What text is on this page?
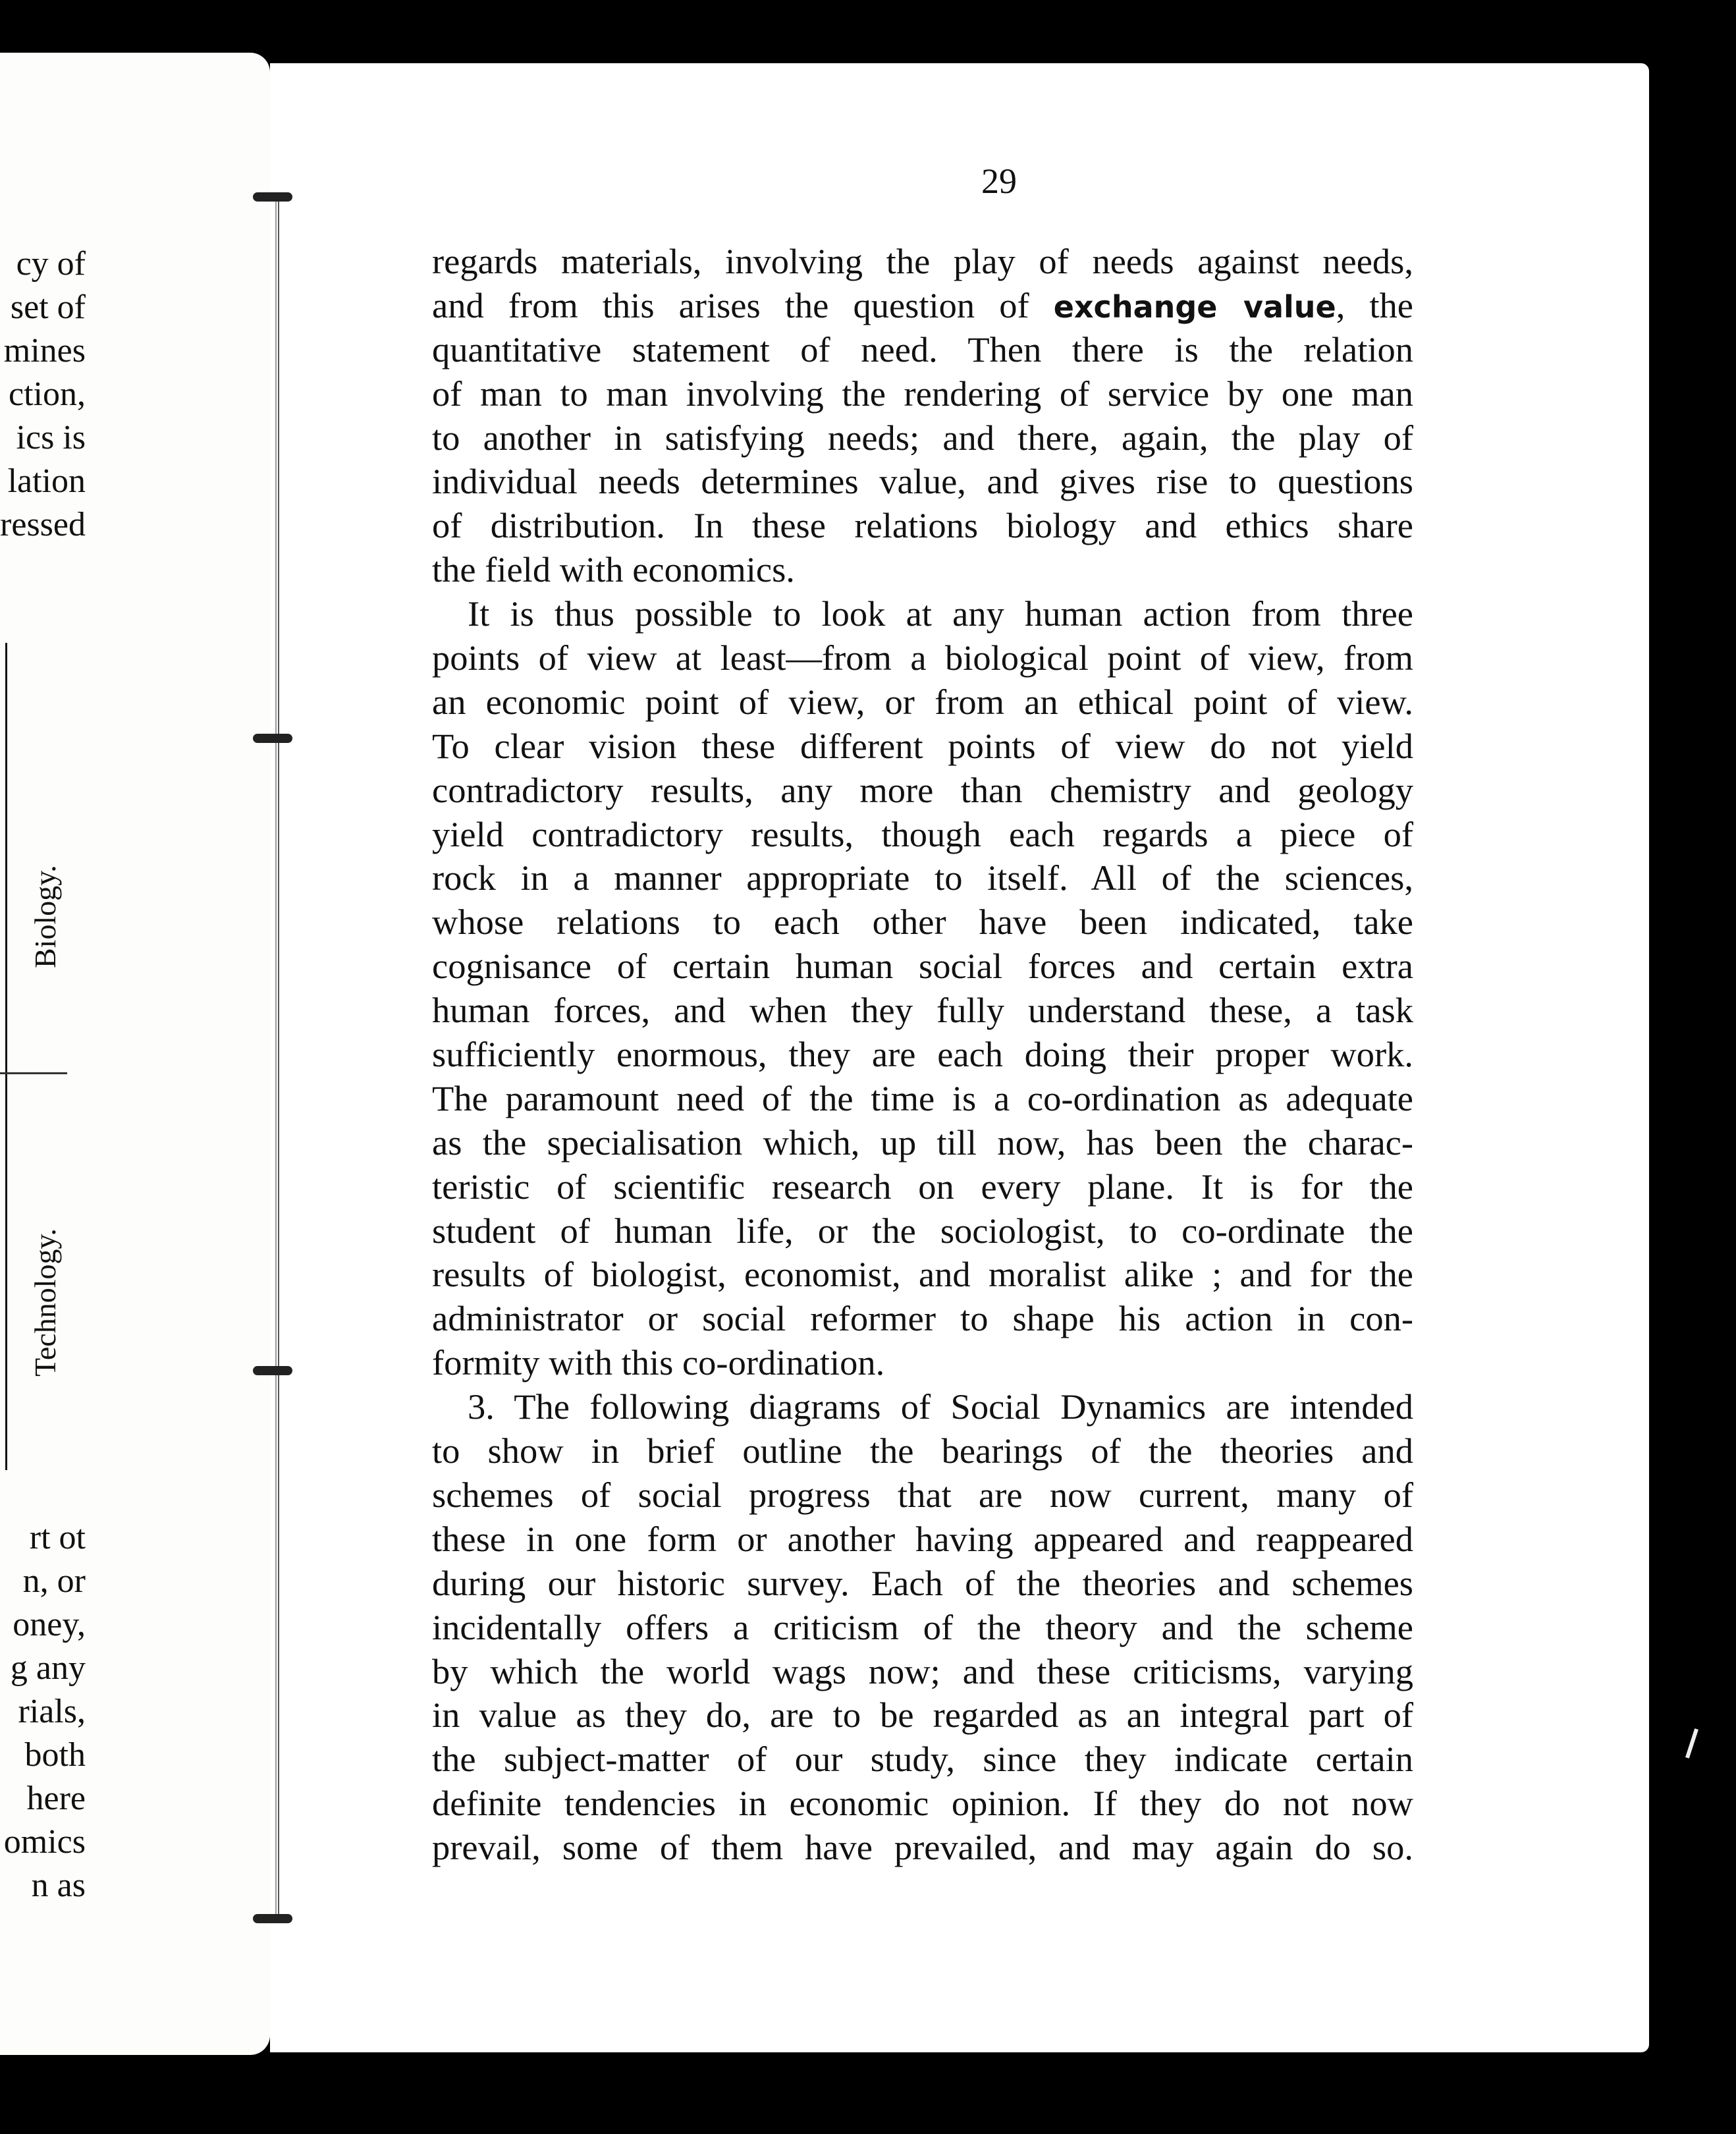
cy of
set of
mines
ction,
ics is
lation
ressed
Biology.
Technology.
rt ot
n, or
oney,
g any
rials,
both
here
omics
n as
29
regards materials, involving the play of needs against needs,
and from this arises the question of exchange value, the
quantitative statement of need. Then there is the relation
of man to man involving the rendering of service by one man
to another in satisfying needs; and there, again, the play of
individual needs determines value, and gives rise to questions
of distribution. In these relations biology and ethics share
the field with economics.
It is thus possible to look at any human action from three
points of view at least—from a biological point of view, from
an economic point of view, or from an ethical point of view.
To clear vision these different points of view do not yield
contradictory results, any more than chemistry and geology
yield contradictory results, though each regards a piece of
rock in a manner appropriate to itself. All of the sciences,
whose relations to each other have been indicated, take
cognisance of certain human social forces and certain extra
human forces, and when they fully understand these, a task
sufficiently enormous, they are each doing their proper work.
The paramount need of the time is a co-ordination as adequate
as the specialisation which, up till now, has been the charac-
teristic of scientific research on every plane. It is for the
student of human life, or the sociologist, to co-ordinate the
results of biologist, economist, and moralist alike ; and for the
administrator or social reformer to shape his action in con-
formity with this co-ordination.
3. The following diagrams of Social Dynamics are intended
to show in brief outline the bearings of the theories and
schemes of social progress that are now current, many of
these in one form or another having appeared and reappeared
during our historic survey. Each of the theories and schemes
incidentally offers a criticism of the theory and the scheme
by which the world wags now; and these criticisms, varying
in value as they do, are to be regarded as an integral part of
the subject-matter of our study, since they indicate certain
definite tendencies in economic opinion. If they do not now
prevail, some of them have prevailed, and may again do so.
